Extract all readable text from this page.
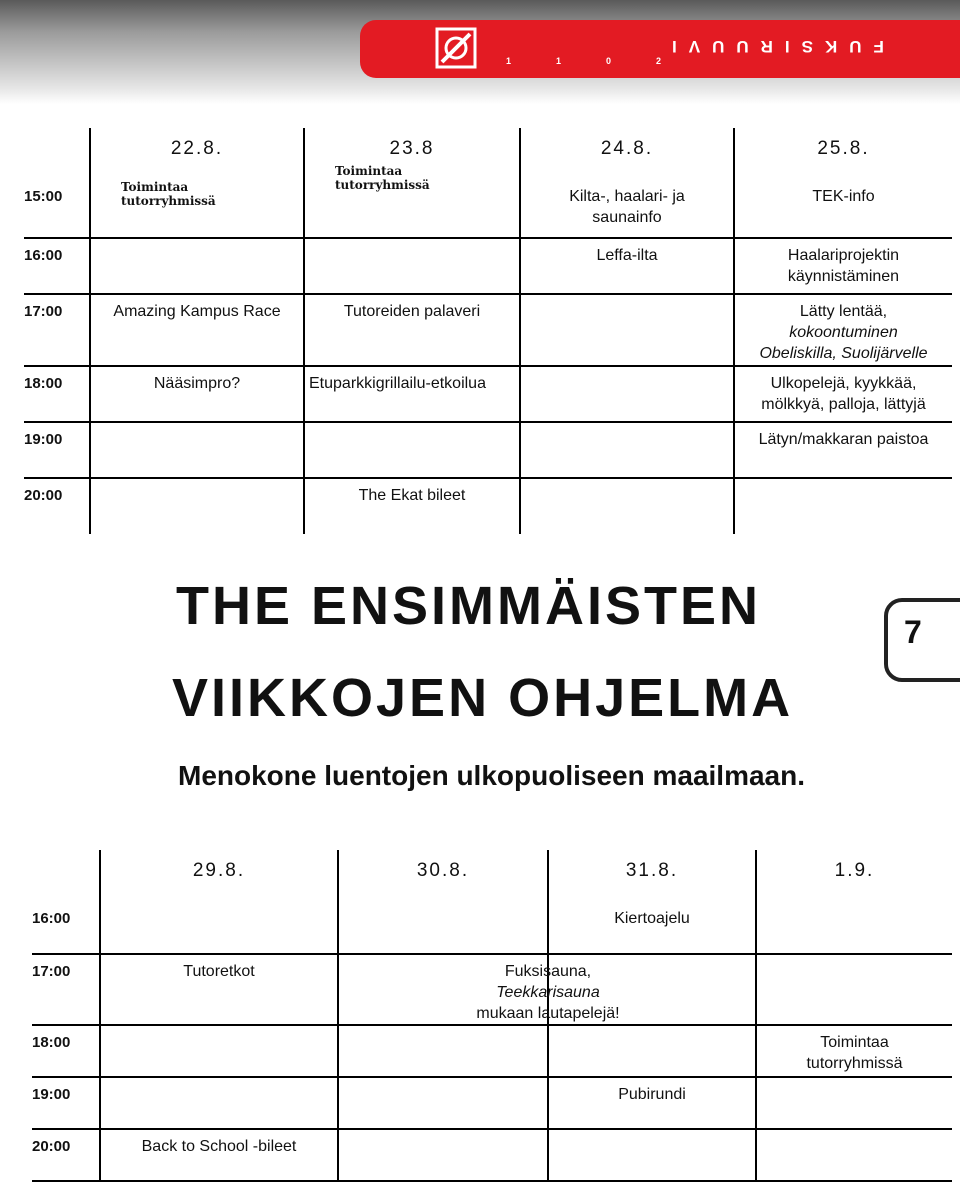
FUKSIRUUVI
1	1	0	2
	22.8.	23.8	24.8.	25.8.
15:00	Toimintaa
tutorryhmissä	Toimintaa
tutorryhmissä	Kilta-, haalari- ja
saunainfo	TEK-info

16:00			Leffa-ilta	Haalariprojektin
käynnistäminen

17:00	Amazing Kampus Race	Tutoreiden palaveri		Lätty lentää,
kokoontuminen
Obeliskilla, Suolijärvelle

18:00	Nääsimpro?	Etuparkkigrillailu-etkoilua		Ulkopelejä, kyykkää,
mölkkyä, palloja, lättyjä

19:00				Lätyn/makkaran paistoa

20:00		The Ekat bileet		

THE ENSIMMÄISTEN
VIIKKOJEN OHJELMA
Menokone luentojen ulkopuoliseen maailmaan.
7
	29.8.	30.8.	31.8.	1.9.
16:00			Kiertoajelu

17:00	Tutoretkot		Fuksisauna,
Teekkarisauna
mukaan lautapelejä!

18:00				Toimintaa
tutorryhmissä

19:00			Pubirundi

20:00	Back to School -bileet
